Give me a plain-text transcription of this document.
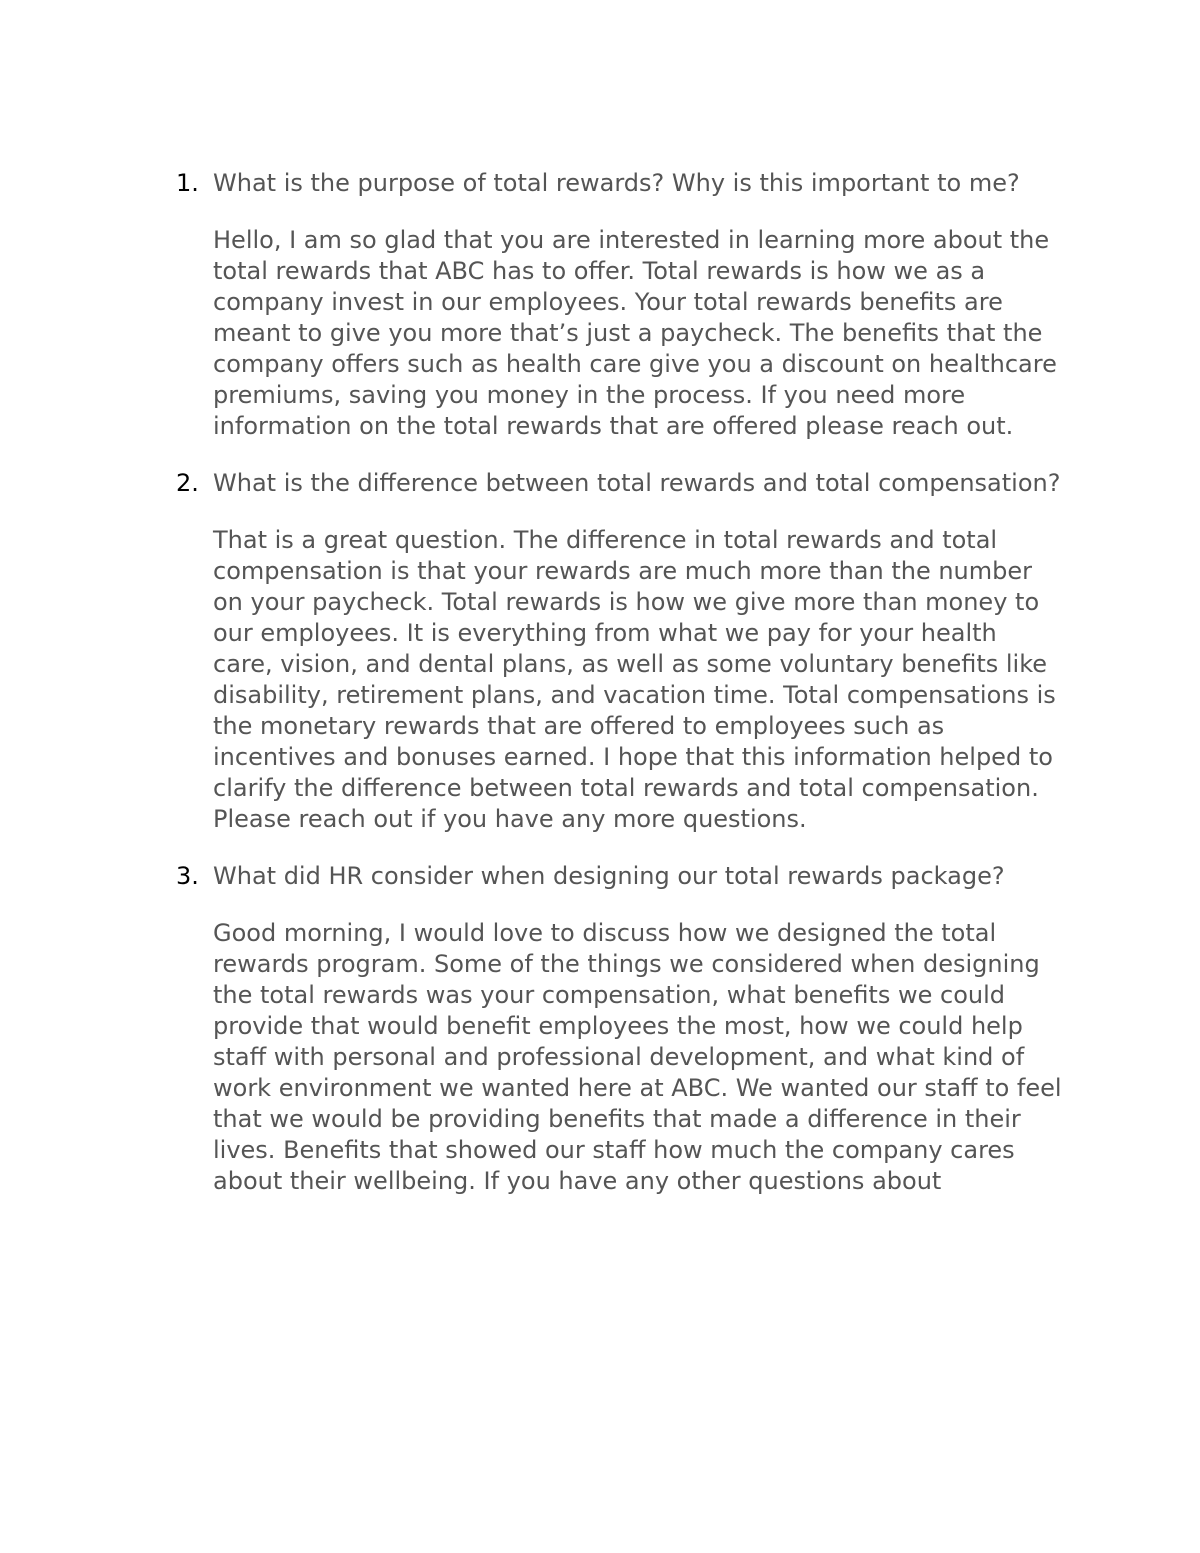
1. What is the purpose of total rewards? Why is this important to me?

Hello, I am so glad that you are interested in learning more about the total rewards that ABC has to offer. Total rewards is how we as a company invest in our employees. Your total rewards benefits are meant to give you more that’s just a paycheck. The benefits that the company offers such as health care give you a discount on healthcare premiums, saving you money in the process. If you need more information on the total rewards that are offered please reach out.

2. What is the difference between total rewards and total compensation?

That is a great question. The difference in total rewards and total compensation is that your rewards are much more than the number on your paycheck. Total rewards is how we give more than money to our employees. It is everything from what we pay for your health care, vision, and dental plans, as well as some voluntary benefits like disability, retirement plans, and vacation time. Total compensations is the monetary rewards that are offered to employees such as incentives and bonuses earned. I hope that this information helped to clarify the difference between total rewards and total compensation. Please reach out if you have any more questions.

3. What did HR consider when designing our total rewards package?

Good morning, I would love to discuss how we designed the total rewards program. Some of the things we considered when designing the total rewards was your compensation, what benefits we could provide that would benefit employees the most, how we could help staff with personal and professional development, and what kind of work environment we wanted here at ABC. We wanted our staff to feel that we would be providing benefits that made a difference in their lives. Benefits that showed our staff how much the company cares about their wellbeing. If you have any other questions about
